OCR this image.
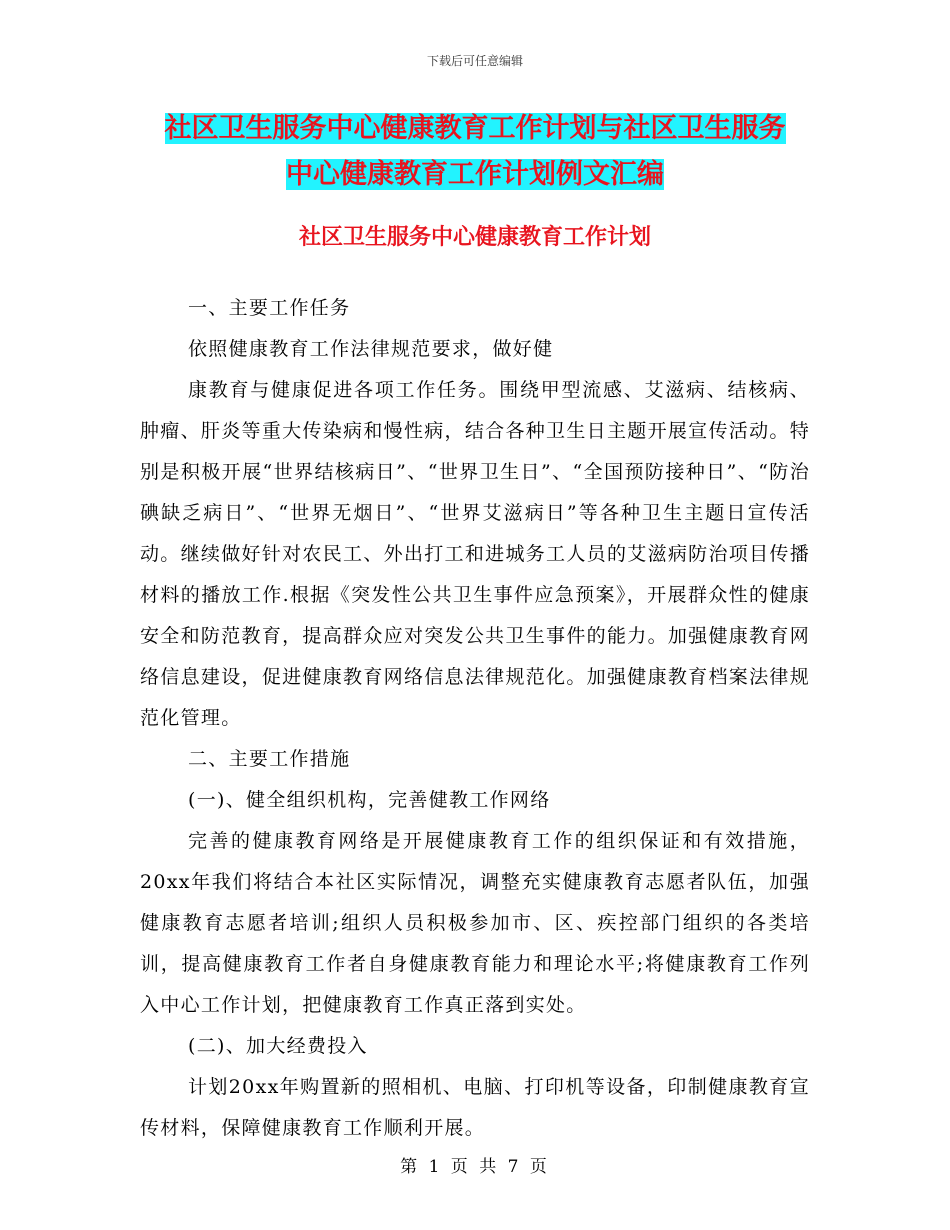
下载后可任意编辑
社区卫生服务中心健康教育工作计划与社区卫生服务
中心健康教育工作计划例文汇编
社区卫生服务中心健康教育工作计划

一、主要工作任务

依照健康教育工作法律规范要求，做好健

康教育与健康促进各项工作任务。围绕甲型流感、艾滋病、结核病、肿瘤、肝炎等重大传染病和慢性病，结合各种卫生日主题开展宣传活动。特别是积极开展“世界结核病日”、“世界卫生日”、“全国预防接种日”、“防治碘缺乏病日”、“世界无烟日”、“世界艾滋病日”等各种卫生主题日宣传活动。继续做好针对农民工、外出打工和进城务工人员的艾滋病防治项目传播材料的播放工作.根据《突发性公共卫生事件应急预案》，开展群众性的健康安全和防范教育，提高群众应对突发公共卫生事件的能力。加强健康教育网络信息建设，促进健康教育网络信息法律规范化。加强健康教育档案法律规范化管理。

二、主要工作措施

(一)、健全组织机构，完善健教工作网络

完善的健康教育网络是开展健康教育工作的组织保证和有效措施，20xx年我们将结合本社区实际情况，调整充实健康教育志愿者队伍，加强健康教育志愿者培训;组织人员积极参加市、区、疾控部门组织的各类培训，提高健康教育工作者自身健康教育能力和理论水平;将健康教育工作列入中心工作计划，把健康教育工作真正落到实处。

(二)、加大经费投入

计划20xx年购置新的照相机、电脑、打印机等设备，印制健康教育宣传材料，保障健康教育工作顺利开展。

第 1 页 共 7 页
